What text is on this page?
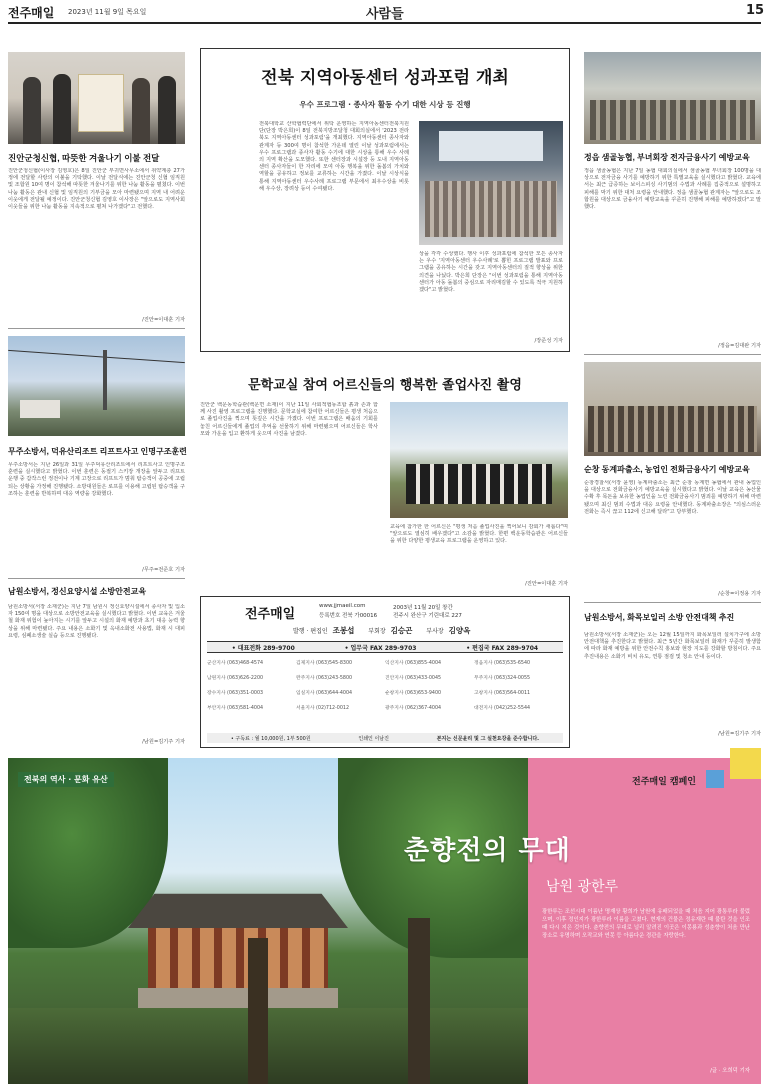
전주매일 2023년 11월 9일 목요일	사람들	15
진안군청신협, 따뜻한 겨울나기 이불 전달
진안군청신협(이사장 김영호)은 8일 진안군 부귀면사무소에서 취약계층 27가정에 전달할 사랑의 이불을 기탁했다. 이날 전달식에는 진안군청 신협 임직원 및 조합원 10여 명이 참석해 따뜻한 겨울나기를 위한 나눔 활동을 펼쳤다. 이번 나눔 활동은 관내 신협 및 임직원의 기부금을 모아 마련됐으며 지역 내 어려운 이웃에게 전달될 예정이다. 진안군청신협 김영호 이사장은 "앞으로도 지역사회 이웃들을 위한 나눔 활동을 지속적으로 펼쳐 나가겠다"고 전했다.
/진안=이대훈 기자
무주소방서, 덕유산리조트 리프트사고 인명구조훈련
무주소방서는 지난 26일과 31일 무주덕유산리조트에서 리프트사고 인명구조훈련을 실시했다고 밝혔다. 이번 훈련은 동절기 스키장 개장을 앞두고 리프트 운행 중 갑작스런 정전이나 기계 고장으로 리프트가 멈춰 탑승객이 공중에 고립되는 상황을 가정해 진행됐다. 소방대원들은 로프를 이용해 고립된 탑승객을 구조하는 훈련을 반복하며 대응 역량을 강화했다.
/무주=전준호 기자
남원소방서, 정신요양시설 소방안전교육
남원소방서(서장 소재군)는 지난 7일 남원시 정신요양시설에서 종사자 및 입소자 150여 명을 대상으로 소방안전교육을 실시했다고 밝혔다. 이번 교육은 겨울철 화재 위험이 높아지는 시기를 앞두고 시설의 화재 예방과 초기 대응 능력 향상을 위해 마련됐다. 주요 내용은 소화기 및 옥내소화전 사용법, 화재 시 대피 요령, 심폐소생술 실습 등으로 진행됐다.
/남원=김기주 기자
전북 지역아동센터 성과포럼 개최
우수 프로그램 · 종사자 활동 수기 대한 시상 등 진행
전북대학교 산학협력단에서 위탁 운영하는 지역아동센터전북지원단(단장 박은희)이 8일 전북지방조달청 대회의실에서 '2023 전라북도 지역아동센터 성과포럼'을 개최했다. 지역아동센터 종사자와 관계자 등 300여 명이 참석한 가운데 열린 이날 성과포럼에서는 우수 프로그램과 종사자 활동 수기에 대한 시상을 통해 우수 사례의 지역 확산을 도모했다. 또한 센터장과 시설장 등 도내 지역아동센터 종사자들이 한 자리에 모여 아동 행복을 위한 돌봄의 가치와 역할을 공유하고 정보를 교류하는 시간을 가졌다. 이날 시상식을 통해 지역아동센터 우수사례 프로그램 부문에서 최우수상을 비롯해 우수상, 장려상 등이 수여됐다.
상을 각각 수상했다. 행사 이후 성과포럼에 참석한 모든 종사자는 우수 '지역아동센터 우수사례'로 뽑힌 프로그램 발표와 프로그램을 공유하는 시간을 갖고 지역아동센터의 질적 향상을 위한 의견을 나눴다. 박은희 단장은 "이번 성과포럼을 통해 지역아동센터가 아동 돌봄의 중심으로 자리매김할 수 있도록 적극 지원하겠다"고 밝혔다.
/장준성 기자
정읍 샘골농협, 부녀회장 전자금융사기 예방교육
정읍 샘골농협은 지난 7일 농협 대회의실에서 샘골농협 부녀회장 100명을 대상으로 전자금융 사기를 예방하기 위한 특별교육을 실시했다고 밝혔다. 교육에서는 최근 급증하는 보이스피싱 사기범의 수법과 사례를 집중적으로 설명하고 피해를 막기 위한 대처 요령을 안내했다. 정읍 샘골농협 관계자는 "앞으로도 조합원을 대상으로 금융사기 예방교육을 꾸준히 진행해 피해를 예방하겠다"고 말했다.
/정읍=김대완 기자
순창 동계파출소, 농업인 전화금융사기 예방교육
순창경찰서(서장 윤영) 동계파출소는 최근 순창 동계면 농협에서 관내 농업인을 대상으로 전화금융사기 예방교육을 실시했다고 밝혔다. 이날 교육은 농산물 수확 후 목돈을 보유한 농업인을 노린 전화금융사기 범죄를 예방하기 위해 마련됐으며 최신 범죄 수법과 대응 요령을 안내했다. 동계파출소장은 "의심스러운 전화는 즉시 끊고 112에 신고해 달라"고 당부했다.
/순창=이정용 기자
남원소방서, 화목보일러 소방 안전대책 추진
남원소방서(서장 소재군)는 오는 12월 15일까지 화목보일러 설치가구에 소방 안전대책을 추진한다고 밝혔다. 최근 5년간 화목보일러 화재가 꾸준히 발생함에 따라 화재 예방을 위한 안전수칙 홍보와 현장 지도를 강화할 방침이다. 주요 추진내용은 소화기 비치 유도, 연통 점검 및 청소 안내 등이다.
/남원=김기주 기자
문학교실 참여 어르신들의 행복한 졸업사진 촬영
진안군 백운동학습관(백운면 소재)이 지난 11일 사회적협동조합 흙과 손과 함께 사진 촬영 프로그램을 진행했다. 문학교실에 참여한 어르신들은 평생 처음으로 졸업사진을 찍으며 뜻깊은 시간을 가졌다. 이번 프로그램은 배움의 기회를 놓친 어르신들에게 졸업의 추억을 선물하기 위해 마련됐으며 어르신들은 학사모와 가운을 입고 환하게 웃으며 사진을 남겼다.
교육에 참가한 한 어르신은 "평생 처음 졸업사진을 찍어보니 감회가 새롭다"며 "앞으로도 열심히 배우겠다"고 소감을 밝혔다. 한편 백운동학습관은 어르신들을 위한 다양한 평생교육 프로그램을 운영하고 있다.
/진안=이대훈 기자
전주매일	www.jjmaeil.com
등록번호 전북 가00016
2003년 11월 20일 창간
전주시 완산구 기린대로 227
발행 · 편집인 조봉섭 부회장 김승곤 부사장 김양옥
• 대표전화 289-9700	• 업무국 FAX 289-9703	• 편집국 FAX 289-9704
군산지사 (063)468-4574	김제지사 (063)545-8300	익산지사 (063)855-4004	정읍지사 (063)535-6540
남원지사 (063)626-2200	완주지사 (063)243-5800	진안지사 (063)433-0045	무주지사 (063)324-0055
장수지사 (063)351-0003	임실지사 (063)644-4004	순창지사 (063)653-9400	고창지사 (063)564-0011
부안지사 (063)581-4004	서울지사 (02)712-0012	광주지사 (062)367-4004	대전지사 (042)252-5544
• 구독료 : 월 10,000원, 1부 500원	인쇄인 이남진	본지는 신문윤리 및 그 실천요강을 준수합니다.
전북의 역사 · 문화 유산	전주매일 캠페인
춘향전의 무대
남원 광한루
광한루는 조선시대 이름난 명재상 황희가 남원에 유배되었을 때 처음 지어 광통루라 불렀으며, 이후 정인지가 광한루라 이름을 고쳤다. 현재의 건물은 정유재란 때 불탄 것을 인조 때 다시 지은 것이다. 춘향전의 무대로 널리 알려진 이곳은 이몽룡과 성춘향이 처음 만난 장소로 유명하며 오작교와 연못 등 아름다운 경관을 자랑한다.
/글 · 오희덕 기자
